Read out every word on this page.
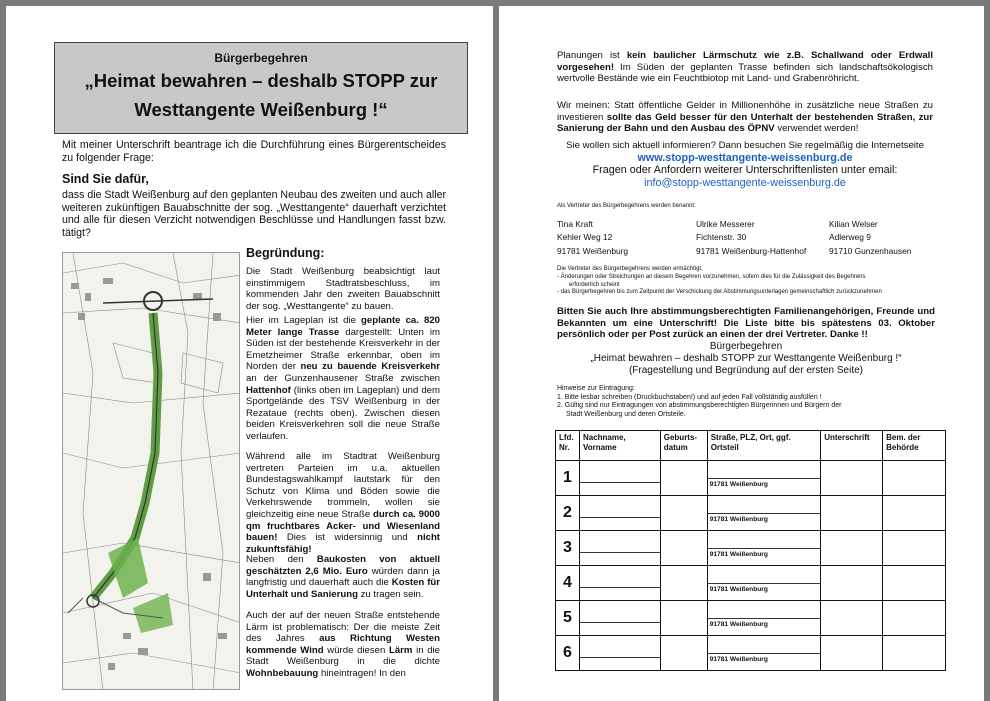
Bürgerbegehren
„Heimat bewahren – deshalb STOPP zur
Westtangente Weißenburg !“
Mit meiner Unterschrift beantrage ich die Durchführung eines Bürgerentscheides zu folgender Frage:
Sind Sie dafür,
dass die Stadt Weißenburg auf den geplanten Neubau des zweiten und auch aller weiteren zukünftigen Bauabschnitte der sog. „Westtangente“ dauerhaft verzichtet und alle für diesen Verzicht notwendigen Beschlüsse und Handlungen fasst bzw. tätigt?
Begründung:
Die Stadt Weißenburg beabsichtigt laut einstimmigem Stadtratsbeschluss, im kommenden Jahr den zweiten Bauabschnitt der sog. „Westtangente“ zu bauen.
Hier im Lageplan ist die geplante ca. 820 Meter lange Trasse dargestellt: Unten im Süden ist der bestehende Kreisverkehr in der Emetzheimer Straße erkennbar, oben im Norden der neu zu bauende Kreisverkehr an der Gunzenhausener Straße zwischen Hattenhof (links oben im Lageplan) und dem Sportgelände des TSV Weißenburg in der Rezataue (rechts oben). Zwischen diesen beiden Kreisverkehren soll die neue Straße verlaufen.
Während alle im Stadtrat Weißenburg vertreten Parteien im u.a. aktuellen Bundestagswahlkampf lautstark für den Schutz von Klima und Böden sowie die Verkehrswende trommeln, wollen sie gleichzeitig eine neue Straße durch ca. 9000 qm fruchtbares Acker- und Wiesenland bauen! Dies ist widersinnig und nicht zukunftsfähig!
Neben den Baukosten von aktuell geschätzten 2,6 Mio. Euro würden dann ja langfristig und dauerhaft auch die Kosten für Unterhalt und Sanierung zu tragen sein.
Auch der auf der neuen Straße entstehende Lärm ist problematisch: Der die meiste Zeit des Jahres aus Richtung Westen kommende Wind würde diesen Lärm in die Stadt Weißenburg in die dichte Wohnbebauung hineintragen! In den
Planungen ist kein baulicher Lärmschutz wie z.B. Schallwand oder Erdwall vorgesehen! Im Süden der geplanten Trasse befinden sich landschaftsökologisch wertvolle Bestände wie ein Feuchtbiotop mit Land- und Grabenröhricht.
Wir meinen: Statt öffentliche Gelder in Millionenhöhe in zusätzliche neue Straßen zu investieren sollte das Geld besser für den Unterhalt der bestehenden Straßen, zur Sanierung der Bahn und den Ausbau des ÖPNV verwendet werden!
Sie wollen sich aktuell informieren? Dann besuchen Sie regelmäßig die Internetseite
www.stopp-westtangente-weissenburg.de
Fragen oder Anfordern weiterer Unterschriftenlisten unter email:
info@stopp-westtangente-weissenburg.de
Als Vertreter des Bürgerbegehrens werden benannt:
Tina Kraft
Kehler Weg 12
91781 Weißenburg
Ulrike Messerer
Fichtenstr. 30
91781 Weißenburg-Hattenhof
Kilian Welser
Adlerweg 9
91710 Gunzenhausen
Die Vertreter des Bürgerbegehrens werden ermächtigt,
- Änderungen oder Streichungen an diesem Begehren vorzunehmen, sofern dies für die Zulässigkeit des Begehrens
erforderlich scheint
- das Bürgerbegehren bis zum Zeitpunkt der Verschickung der Abstimmungsunterlagen gemeinschaftlich zurückzunehmen
Bitten Sie auch Ihre abstimmungsberechtigten Familienangehörigen, Freunde und Bekannten um eine Unterschrift! Die Liste bitte bis spätestens 03. Oktober persönlich oder per Post zurück an einen der drei Vertreter. Danke !!
Bürgerbegehren
„Heimat bewahren – deshalb STOPP zur Westtangente Weißenburg !“
(Fragestellung und Begründung auf der ersten Seite)
Hinweise zur Eintragung:
1. Bitte lesbar schreiben (Druckbuchstaben!) und auf jeden Fall vollständig ausfüllen !
2. Gültig sind nur Eintragungen von abstimmungsberechtigten Bürgerinnen und Bürgern der
Stadt Weißenburg und deren Ortsteile.
Lfd. Nr.	Nachname, Vorname	Geburts-datum	Straße, PLZ, Ort, ggf. Ortsteil	Unterschrift	Bem. der Behörde
1			91781 Weißenburg		

2			91781 Weißenburg		

3			91781 Weißenburg		

4			91781 Weißenburg		

5			91781 Weißenburg		

6			91781 Weißenburg		
